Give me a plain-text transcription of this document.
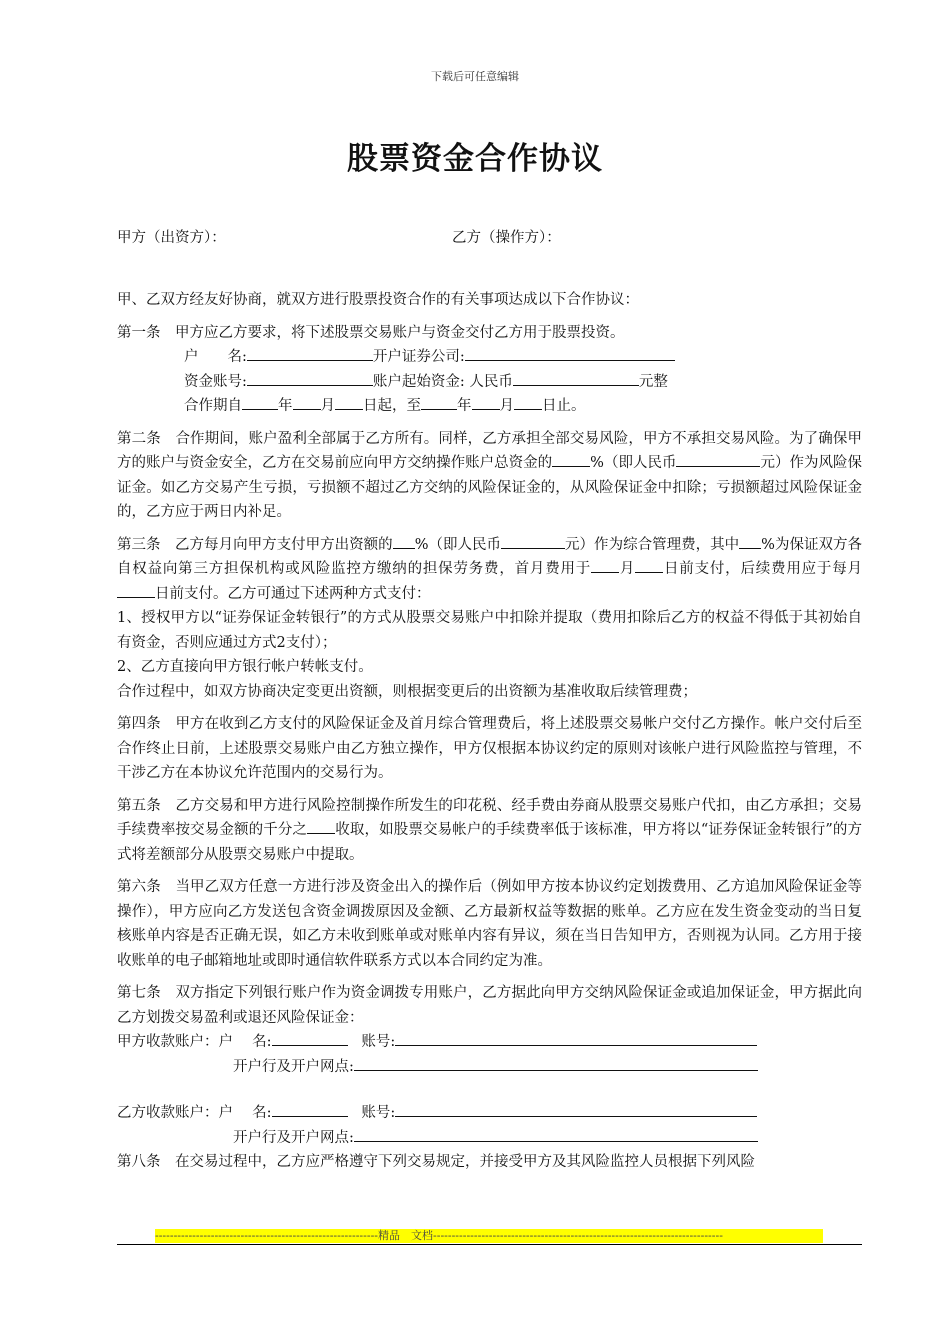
下载后可任意编辑
股票资金合作协议
甲方（出资方）：	乙方（操作方）：

甲、乙双方经友好协商，就双方进行股票投资合作的有关事项达成以下合作协议：

第一条　甲方应乙方要求，将下述股票交易账户与资金交付乙方用于股票投资。

户　　名:	开户证券公司:

资金账号:	账户起始资金: 人民币	元整

合作期自 年 月 日起，至 年 月 日止。

第二条　合作期间，账户盈利全部属于乙方所有。同样，乙方承担全部交易风险，甲方不承担交易风险。为了确保甲方的账户与资金安全，乙方在交易前应向甲方交纳操作账户总资金的	%（即人民币	元）作为风险保证金。如乙方交易产生亏损，亏损额不超过乙方交纳的风险保证金的，从风险保证金中扣除；亏损额超过风险保证金的，乙方应于两日内补足。

第三条　乙方每月向甲方支付甲方出资额的 %（即人民币	元）作为综合管理费，其中 %为保证双方各自权益向第三方担保机构或风险监控方缴纳的担保劳务费，首月费用于 月 日前支付，后续费用应于每月日前支付。乙方可通过下述两种方式支付：

1、授权甲方以“证券保证金转银行”的方式从股票交易账户中扣除并提取（费用扣除后乙方的权益不得低于其初始自有资金，否则应通过方式2支付）；

2、乙方直接向甲方银行帐户转帐支付。

合作过程中，如双方协商决定变更出资额，则根据变更后的出资额为基准收取后续管理费；

第四条　甲方在收到乙方支付的风险保证金及首月综合管理费后，将上述股票交易帐户交付乙方操作。帐户交付后至合作终止日前，上述股票交易账户由乙方独立操作，甲方仅根据本协议约定的原则对该帐户进行风险监控与管理，不干涉乙方在本协议允许范围内的交易行为。

第五条　乙方交易和甲方进行风险控制操作所发生的印花税、经手费由券商从股票交易账户代扣，由乙方承担；交易手续费率按交易金额的千分之 收取，如股票交易帐户的手续费率低于该标准，甲方将以“证券保证金转银行”的方式将差额部分从股票交易账户中提取。

第六条　当甲乙双方任意一方进行涉及资金出入的操作后（例如甲方按本协议约定划拨费用、乙方追加风险保证金等操作），甲方应向乙方发送包含资金调拨原因及金额、乙方最新权益等数据的账单。乙方应在发生资金变动的当日复核账单内容是否正确无误，如乙方未收到账单或对账单内容有异议，须在当日告知甲方，否则视为认同。乙方用于接收账单的电子邮箱地址或即时通信软件联系方式以本合同约定为准。

第七条　双方指定下列银行账户作为资金调拨专用账户，乙方据此向甲方交纳风险保证金或追加保证金，甲方据此向乙方划拨交易盈利或退还风险保证金：

甲方收款账户：户　 名:	账号:

开户行及开户网点:

乙方收款账户：户　 名:	账号:

开户行及开户网点:

第八条　在交易过程中，乙方应严格遵守下列交易规定，并接受甲方及其风险监控人员根据下列风险

------------------------------------------------------------精品　文档------------------------------------------------------------------------------
